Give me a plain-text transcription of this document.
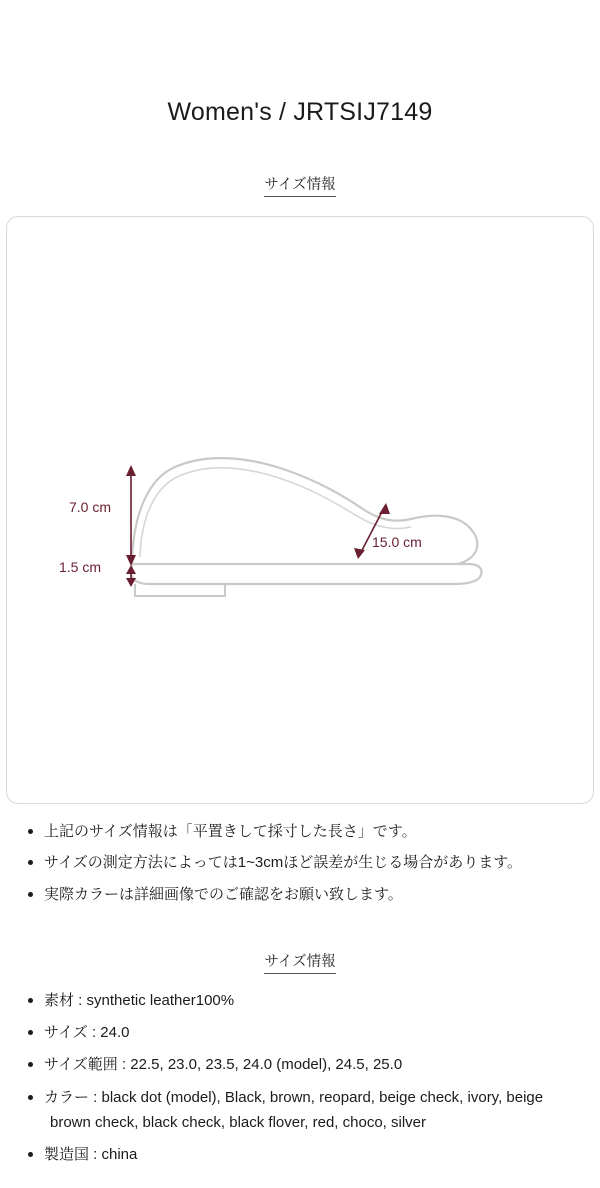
Women's / JRTSIJ7149
サイズ情報
7.0 cm
1.5 cm
15.0 cm
上記のサイズ情報は「平置きして採寸した長さ」です。
サイズの測定方法によっては1~3cmほど誤差が生じる場合があります。
実際カラーは詳細画像でのご確認をお願い致します。
サイズ情報
素材 : synthetic leather100%
サイズ : 24.0
サイズ範囲 : 22.5, 23.0, 23.5, 24.0 (model), 24.5, 25.0
カラー : black dot (model), Black, brown, reopard, beige check, ivory, beige
brown check, black check, black flover, red, choco, silver
製造国 : china
